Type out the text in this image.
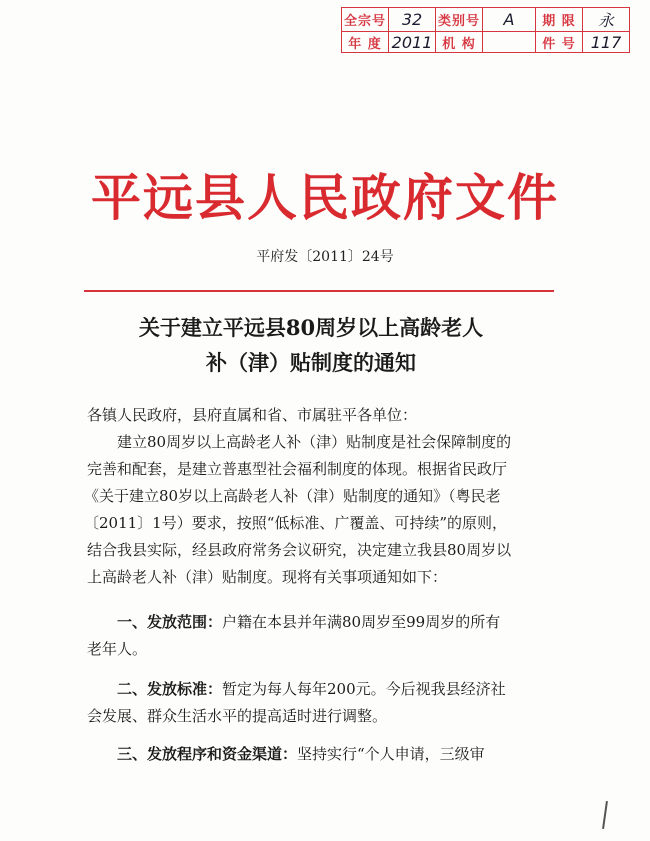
全宗号	32	类别号	A	期 限	永
年 度	2011	机 构		件 号	117
平远县人民政府文件
平府发〔2011〕24号
关于建立平远县80周岁以上高龄老人
补（津）贴制度的通知
各镇人民政府，县府直属和省、市属驻平各单位：
建立80周岁以上高龄老人补（津）贴制度是社会保障制度的
完善和配套，是建立普惠型社会福利制度的体现。根据省民政厅
《关于建立80岁以上高龄老人补（津）贴制度的通知》（粤民老
〔2011〕1号）要求，按照“低标准、广覆盖、可持续”的原则，
结合我县实际，经县政府常务会议研究，决定建立我县80周岁以
上高龄老人补（津）贴制度。现将有关事项通知如下：
一、发放范围：户籍在本县并年满80周岁至99周岁的所有
老年人。
二、发放标准：暂定为每人每年200元。今后视我县经济社
会发展、群众生活水平的提高适时进行调整。
三、发放程序和资金渠道：坚持实行“个人申请，三级审
